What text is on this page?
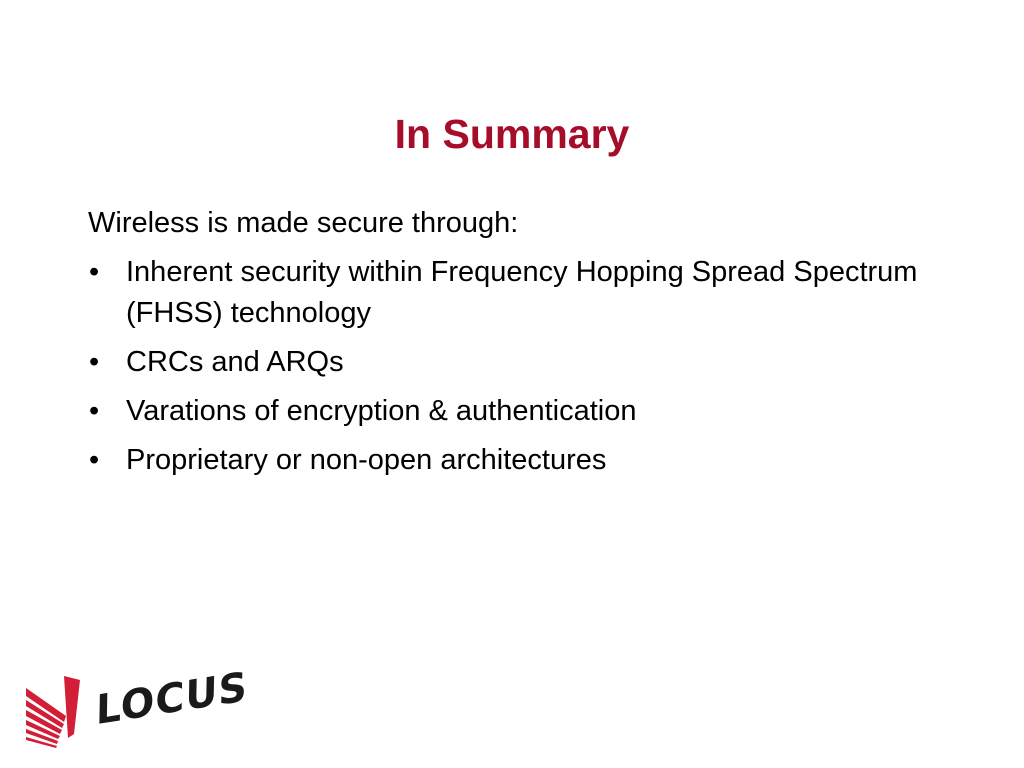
In Summary

Wireless is made secure through:

• Inherent security within Frequency Hopping Spread Spectrum (FHSS) technology
• CRCs and ARQs
• Varations of encryption & authentication
• Proprietary or non-open architectures
LOCUS
